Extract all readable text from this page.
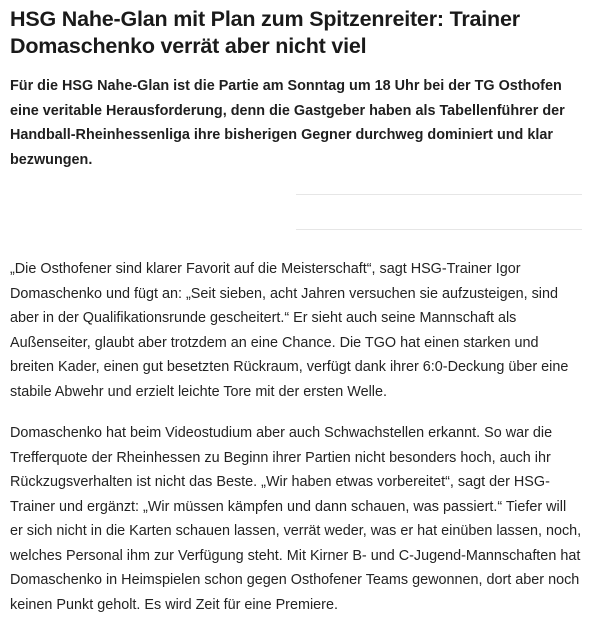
HSG Nahe-Glan mit Plan zum Spitzenreiter: Trainer Domaschenko verrät aber nicht viel

Für die HSG Nahe-Glan ist die Partie am Sonntag um 18 Uhr bei der TG Osthofen eine veritable Herausforderung, denn die Gastgeber haben als Tabellenführer der Handball-Rheinhessenliga ihre bisherigen Gegner durchweg dominiert und klar bezwungen.

„Die Osthofener sind klarer Favorit auf die Meisterschaft“, sagt HSG-Trainer Igor Domaschenko und fügt an: „Seit sieben, acht Jahren versuchen sie aufzusteigen, sind aber in der Qualifikationsrunde gescheitert.“ Er sieht auch seine Mannschaft als Außenseiter, glaubt aber trotzdem an eine Chance. Die TGO hat einen starken und breiten Kader, einen gut besetzten Rückraum, verfügt dank ihrer 6:0-Deckung über eine stabile Abwehr und erzielt leichte Tore mit der ersten Welle.

Domaschenko hat beim Videostudium aber auch Schwachstellen erkannt. So war die Trefferquote der Rheinhessen zu Beginn ihrer Partien nicht besonders hoch, auch ihr Rückzugsverhalten ist nicht das Beste. „Wir haben etwas vorbereitet“, sagt der HSG-Trainer und ergänzt: „Wir müssen kämpfen und dann schauen, was passiert.“ Tiefer will er sich nicht in die Karten schauen lassen, verrät weder, was er hat einüben lassen, noch, welches Personal ihm zur Verfügung steht. Mit Kirner B- und C-Jugend-Mannschaften hat Domaschenko in Heimspielen schon gegen Osthofener Teams gewonnen, dort aber noch keinen Punkt geholt. Es wird Zeit für eine Premiere.
